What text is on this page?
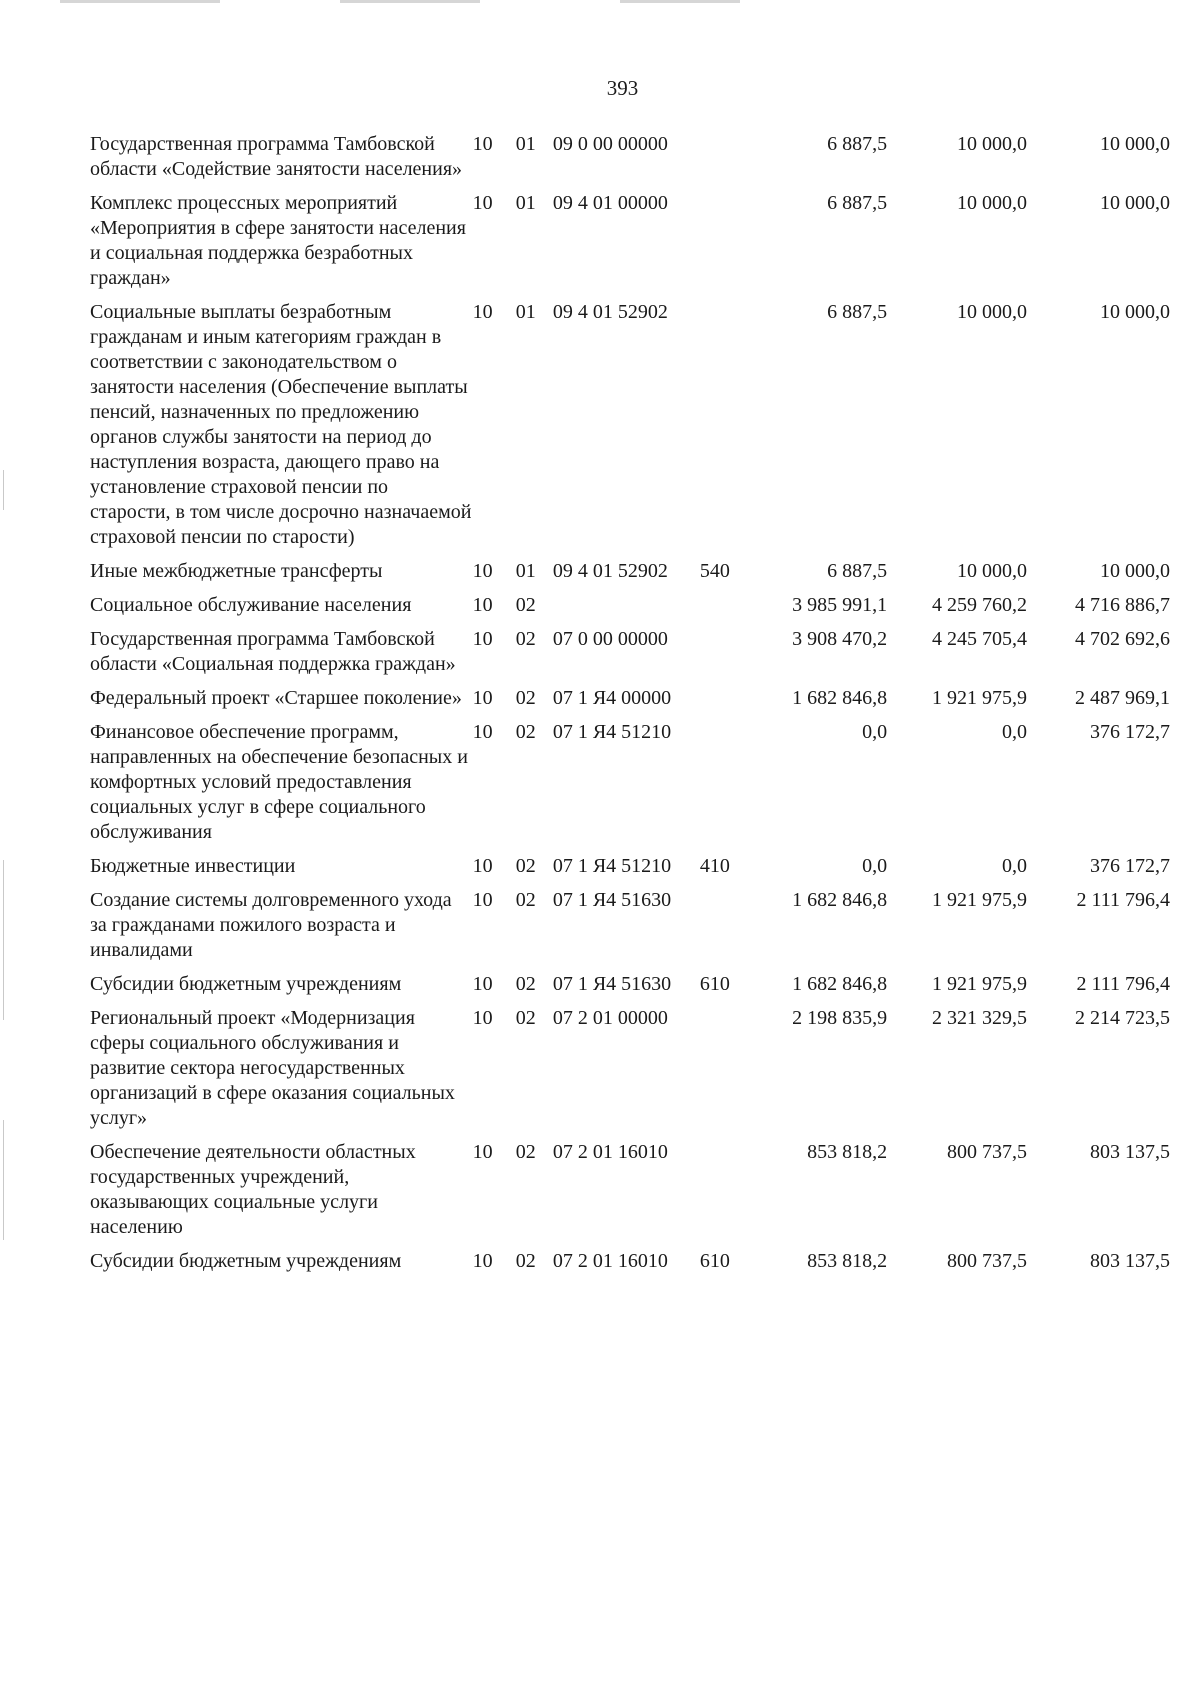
393
Государственная программа Тамбовской области «Содействие занятости населения»	10	01	09 0 00 00000		6 887,5	10 000,0	10 000,0
Комплекс процессных мероприятий «Мероприятия в сфере занятости населения и социальная поддержка безработных граждан»	10	01	09 4 01 00000		6 887,5	10 000,0	10 000,0
Социальные выплаты безработным гражданам и иным категориям граждан в соответствии с законодательством о занятости населения (Обеспечение выплаты пенсий, назначенных по предложению органов службы занятости на период до наступления возраста, дающего право на установление страховой пенсии по старости, в том числе досрочно назначаемой страховой пенсии по старости)	10	01	09 4 01 52902		6 887,5	10 000,0	10 000,0
Иные межбюджетные трансферты	10	01	09 4 01 52902	540	6 887,5	10 000,0	10 000,0
Социальное обслуживание населения	10	02			3 985 991,1	4 259 760,2	4 716 886,7
Государственная программа Тамбовской области «Социальная поддержка граждан»	10	02	07 0 00 00000		3 908 470,2	4 245 705,4	4 702 692,6
Федеральный проект «Старшее поколение»	10	02	07 1 Я4 00000		1 682 846,8	1 921 975,9	2 487 969,1
Финансовое обеспечение программ, направленных на обеспечение безопасных и комфортных условий предоставления социальных услуг в сфере социального обслуживания	10	02	07 1 Я4 51210		0,0	0,0	376 172,7
Бюджетные инвестиции	10	02	07 1 Я4 51210	410	0,0	0,0	376 172,7
Создание системы долговременного ухода за гражданами пожилого возраста и инвалидами	10	02	07 1 Я4 51630		1 682 846,8	1 921 975,9	2 111 796,4
Субсидии бюджетным учреждениям	10	02	07 1 Я4 51630	610	1 682 846,8	1 921 975,9	2 111 796,4
Региональный проект «Модернизация сферы социального обслуживания и развитие сектора негосударственных организаций в сфере оказания социальных услуг»	10	02	07 2 01 00000		2 198 835,9	2 321 329,5	2 214 723,5
Обеспечение деятельности областных государственных учреждений, оказывающих социальные услуги населению	10	02	07 2 01 16010		853 818,2	800 737,5	803 137,5
Субсидии бюджетным учреждениям	10	02	07 2 01 16010	610	853 818,2	800 737,5	803 137,5
